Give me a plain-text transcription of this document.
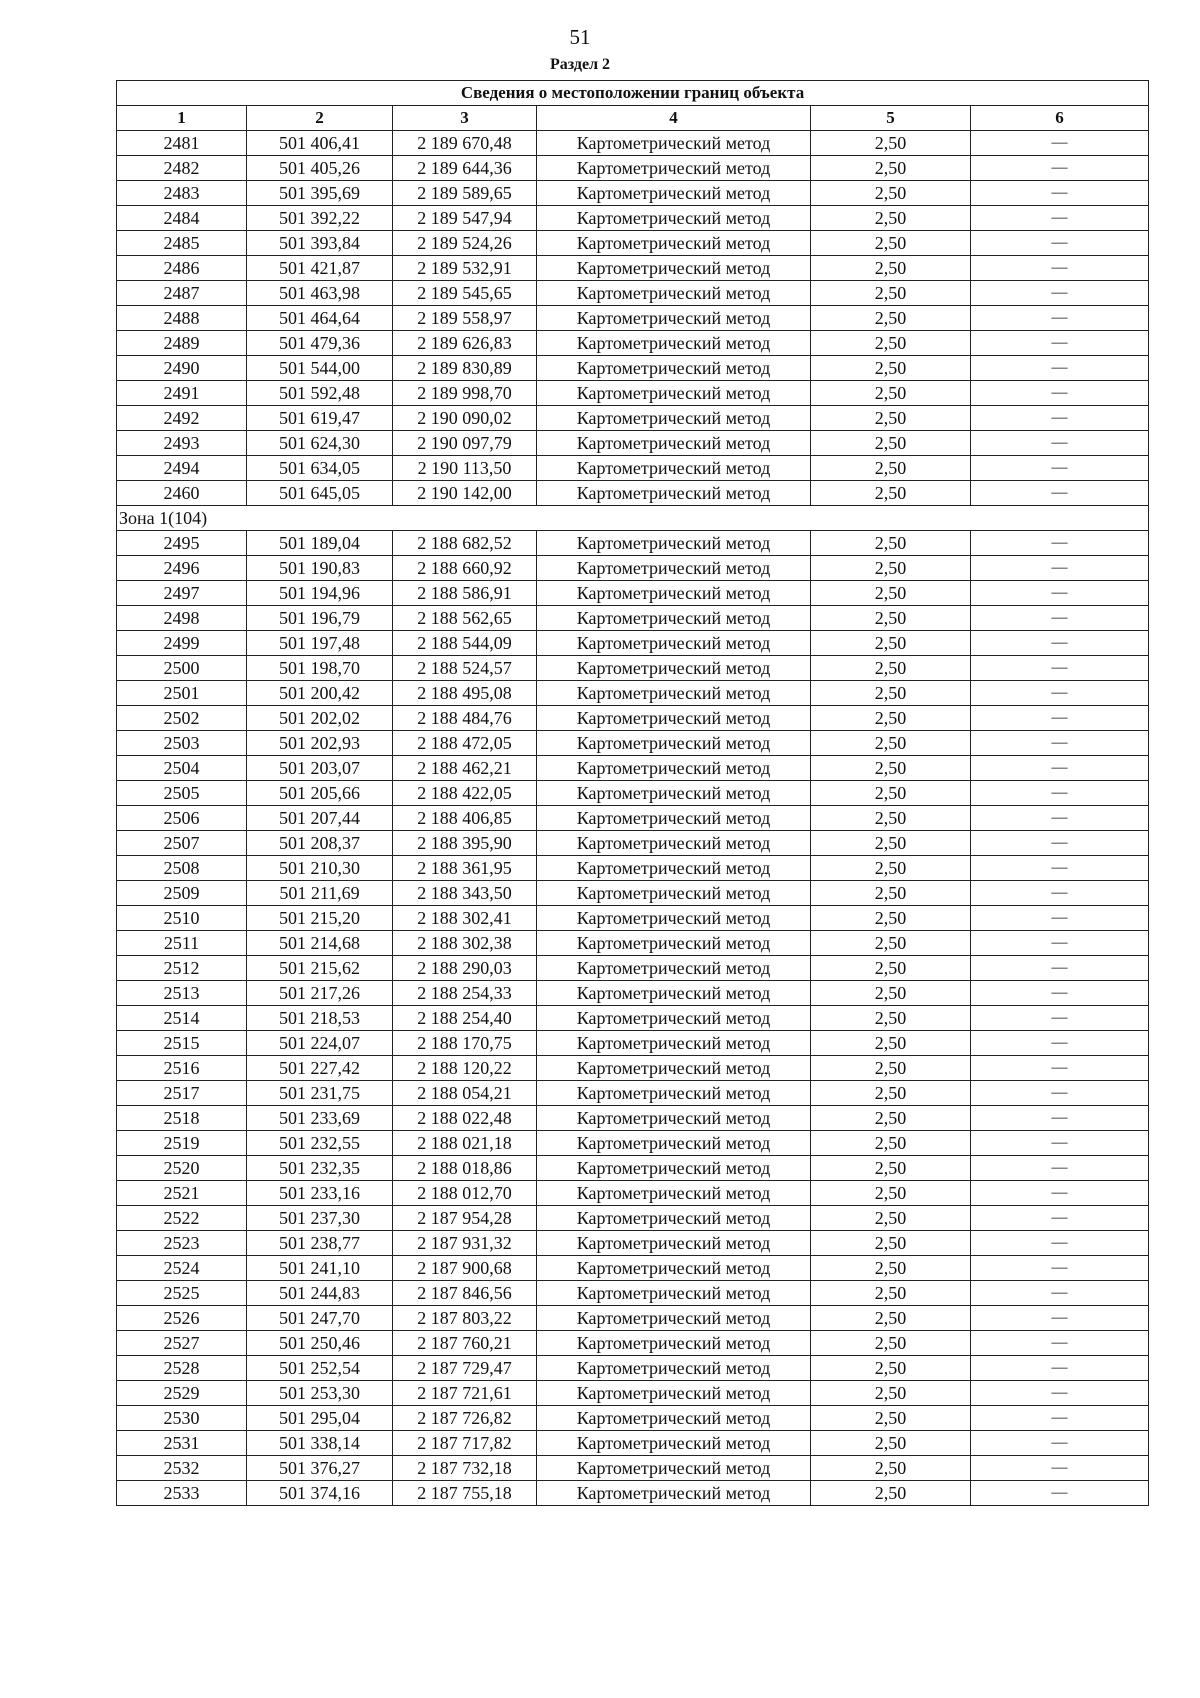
51
Раздел 2
Сведения о местоположении границ объекта					
1	2	3	4	5	6
2481	501 406,41	2 189 670,48	Картометрический метод	2,50	—
2482	501 405,26	2 189 644,36	Картометрический метод	2,50	—
2483	501 395,69	2 189 589,65	Картометрический метод	2,50	—
2484	501 392,22	2 189 547,94	Картометрический метод	2,50	—
2485	501 393,84	2 189 524,26	Картометрический метод	2,50	—
2486	501 421,87	2 189 532,91	Картометрический метод	2,50	—
2487	501 463,98	2 189 545,65	Картометрический метод	2,50	—
2488	501 464,64	2 189 558,97	Картометрический метод	2,50	—
2489	501 479,36	2 189 626,83	Картометрический метод	2,50	—
2490	501 544,00	2 189 830,89	Картометрический метод	2,50	—
2491	501 592,48	2 189 998,70	Картометрический метод	2,50	—
2492	501 619,47	2 190 090,02	Картометрический метод	2,50	—
2493	501 624,30	2 190 097,79	Картометрический метод	2,50	—
2494	501 634,05	2 190 113,50	Картометрический метод	2,50	—
2460	501 645,05	2 190 142,00	Картометрический метод	2,50	—
Зона 1(104)					
2495	501 189,04	2 188 682,52	Картометрический метод	2,50	—
2496	501 190,83	2 188 660,92	Картометрический метод	2,50	—
2497	501 194,96	2 188 586,91	Картометрический метод	2,50	—
2498	501 196,79	2 188 562,65	Картометрический метод	2,50	—
2499	501 197,48	2 188 544,09	Картометрический метод	2,50	—
2500	501 198,70	2 188 524,57	Картометрический метод	2,50	—
2501	501 200,42	2 188 495,08	Картометрический метод	2,50	—
2502	501 202,02	2 188 484,76	Картометрический метод	2,50	—
2503	501 202,93	2 188 472,05	Картометрический метод	2,50	—
2504	501 203,07	2 188 462,21	Картометрический метод	2,50	—
2505	501 205,66	2 188 422,05	Картометрический метод	2,50	—
2506	501 207,44	2 188 406,85	Картометрический метод	2,50	—
2507	501 208,37	2 188 395,90	Картометрический метод	2,50	—
2508	501 210,30	2 188 361,95	Картометрический метод	2,50	—
2509	501 211,69	2 188 343,50	Картометрический метод	2,50	—
2510	501 215,20	2 188 302,41	Картометрический метод	2,50	—
2511	501 214,68	2 188 302,38	Картометрический метод	2,50	—
2512	501 215,62	2 188 290,03	Картометрический метод	2,50	—
2513	501 217,26	2 188 254,33	Картометрический метод	2,50	—
2514	501 218,53	2 188 254,40	Картометрический метод	2,50	—
2515	501 224,07	2 188 170,75	Картометрический метод	2,50	—
2516	501 227,42	2 188 120,22	Картометрический метод	2,50	—
2517	501 231,75	2 188 054,21	Картометрический метод	2,50	—
2518	501 233,69	2 188 022,48	Картометрический метод	2,50	—
2519	501 232,55	2 188 021,18	Картометрический метод	2,50	—
2520	501 232,35	2 188 018,86	Картометрический метод	2,50	—
2521	501 233,16	2 188 012,70	Картометрический метод	2,50	—
2522	501 237,30	2 187 954,28	Картометрический метод	2,50	—
2523	501 238,77	2 187 931,32	Картометрический метод	2,50	—
2524	501 241,10	2 187 900,68	Картометрический метод	2,50	—
2525	501 244,83	2 187 846,56	Картометрический метод	2,50	—
2526	501 247,70	2 187 803,22	Картометрический метод	2,50	—
2527	501 250,46	2 187 760,21	Картометрический метод	2,50	—
2528	501 252,54	2 187 729,47	Картометрический метод	2,50	—
2529	501 253,30	2 187 721,61	Картометрический метод	2,50	—
2530	501 295,04	2 187 726,82	Картометрический метод	2,50	—
2531	501 338,14	2 187 717,82	Картометрический метод	2,50	—
2532	501 376,27	2 187 732,18	Картометрический метод	2,50	—
2533	501 374,16	2 187 755,18	Картометрический метод	2,50	—
